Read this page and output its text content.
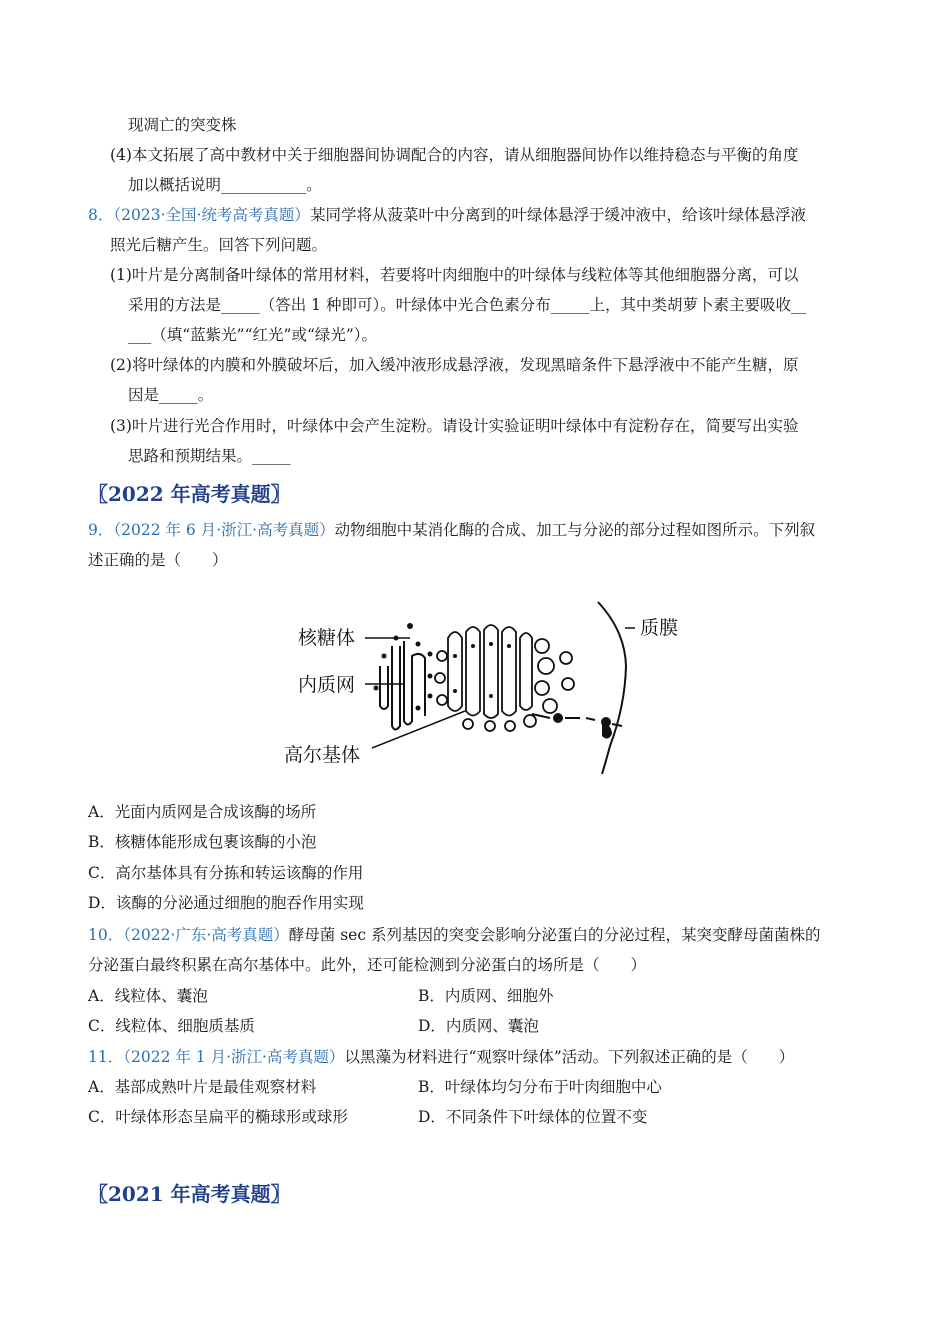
现凋亡的突变株
(4)本文拓展了高中教材中关于细胞器间协调配合的内容，请从细胞器间协作以维持稳态与平衡的角度
加以概括说明___________。
8．（2023·全国·统考高考真题）某同学将从菠菜叶中分离到的叶绿体悬浮于缓冲液中，给该叶绿体悬浮液
照光后糖产生。回答下列问题。
(1)叶片是分离制备叶绿体的常用材料，若要将叶肉细胞中的叶绿体与线粒体等其他细胞器分离，可以
采用的方法是_____（答出 1 种即可）。叶绿体中光合色素分布_____上，其中类胡萝卜素主要吸收__
___（填“蓝紫光”“红光”或“绿光”）。
(2)将叶绿体的内膜和外膜破坏后，加入缓冲液形成悬浮液，发现黑暗条件下悬浮液中不能产生糖，原
因是_____。
(3)叶片进行光合作用时，叶绿体中会产生淀粉。请设计实验证明叶绿体中有淀粉存在，简要写出实验
思路和预期结果。_____
〖2022 年高考真题〗
9．（2022 年 6 月·浙江·高考真题）动物细胞中某消化酶的合成、加工与分泌的部分过程如图所示。下列叙
述正确的是（　　）
核糖体
内质网
高尔基体
质膜
A．光面内质网是合成该酶的场所
B．核糖体能形成包裹该酶的小泡
C．高尔基体具有分拣和转运该酶的作用
D．该酶的分泌通过细胞的胞吞作用实现
10．（2022·广东·高考真题）酵母菌 sec 系列基因的突变会影响分泌蛋白的分泌过程，某突变酵母菌菌株的
分泌蛋白最终积累在高尔基体中。此外，还可能检测到分泌蛋白的场所是（　　）
A．线粒体、囊泡	B．内质网、细胞外
C．线粒体、细胞质基质	D．内质网、囊泡
11．（2022 年 1 月·浙江·高考真题）以黑藻为材料进行“观察叶绿体”活动。下列叙述正确的是（　　）
A．基部成熟叶片是最佳观察材料	B．叶绿体均匀分布于叶肉细胞中心
C．叶绿体形态呈扁平的椭球形或球形	D．不同条件下叶绿体的位置不变
〖2021 年高考真题〗
